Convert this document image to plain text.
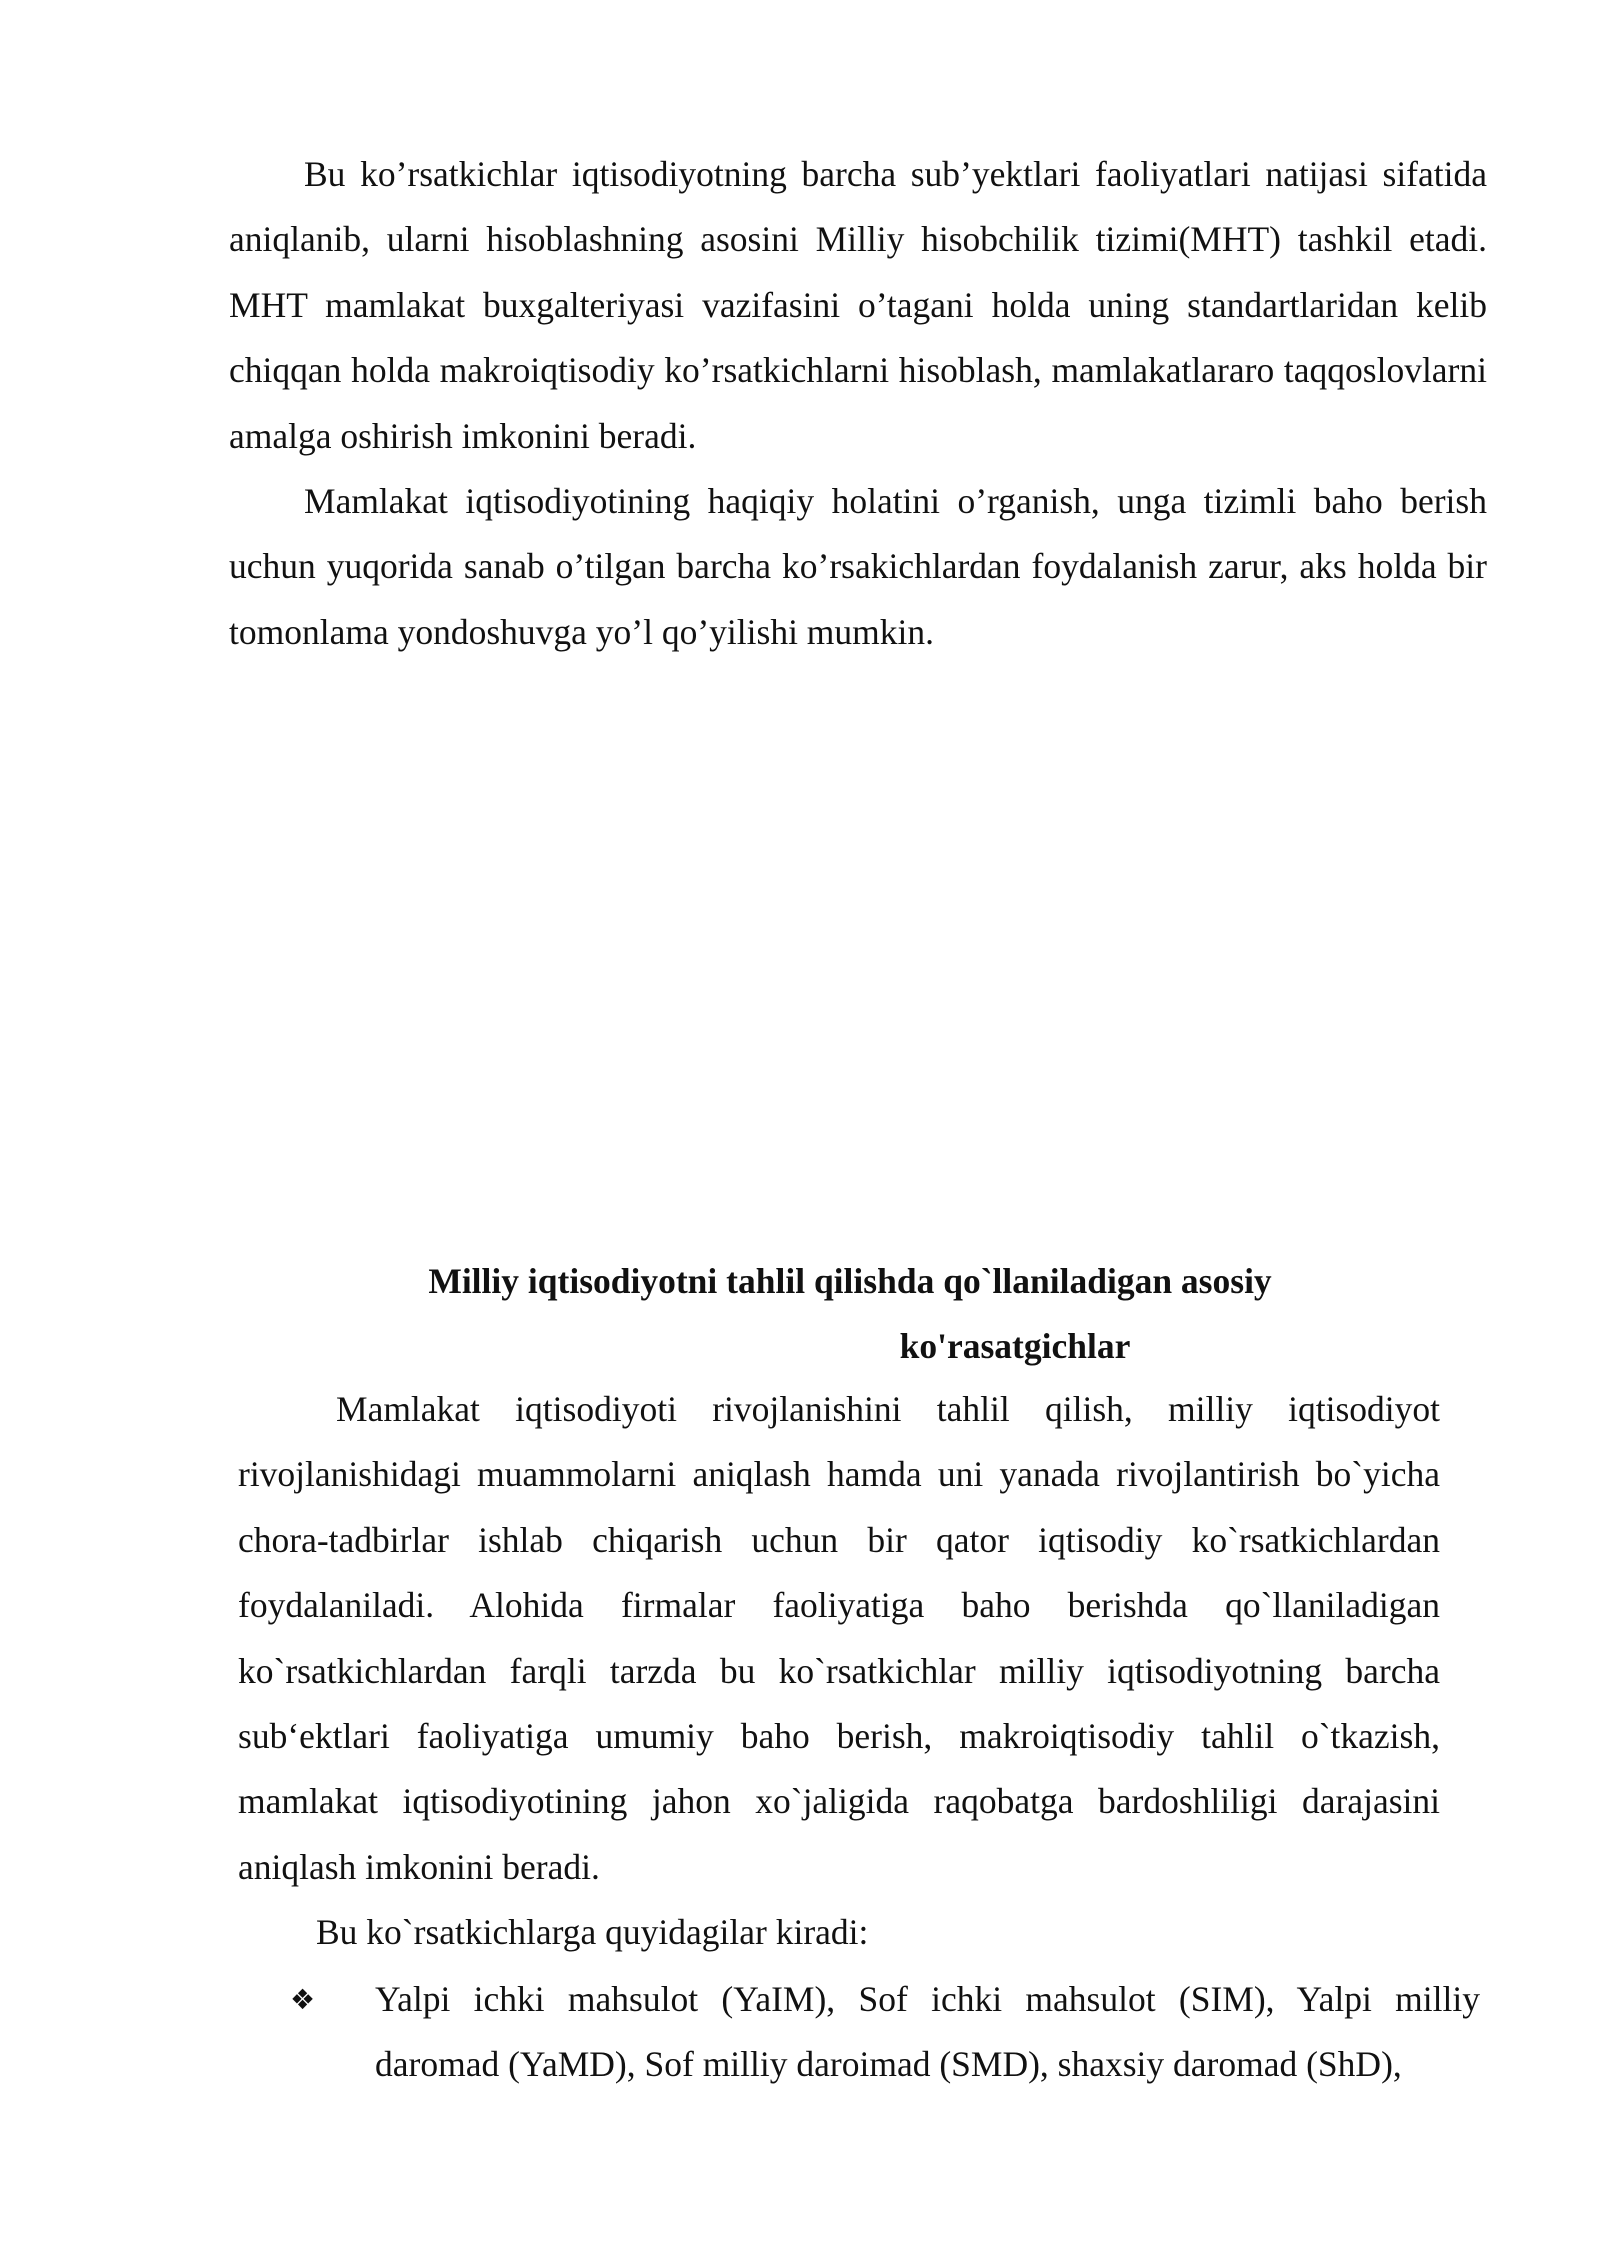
Bu ko’rsatkichlar iqtisodiyotning barcha sub’yektlari faoliyatlari natijasi sifatida aniqlanib, ularni hisoblashning asosini Milliy hisobchilik tizimi(MHT) tashkil etadi. MHT mamlakat buxgalteriyasi vazifasini o’tagani holda uning standartlaridan kelib chiqqan holda makroiqtisodiy ko’rsatkichlarni hisoblash, mamlakatlararo taqqoslovlarni amalga oshirish imkonini beradi.

Mamlakat iqtisodiyotining haqiqiy holatini o’rganish, unga tizimli baho berish uchun yuqorida sanab o’tilgan barcha ko’rsakichlardan foydalanish zarur, aks holda bir tomonlama yondoshuvga yo’l qo’yilishi mumkin.

Milliy iqtisodiyotni tahlil qilishda qo`llaniladigan asosiy
ko'rasatgichlar

Mamlakat iqtisodiyoti rivojlanishini tahlil qilish, milliy iqtisodiyot rivojlanishidagi muammolarni aniqlash hamda uni yanada rivojlantirish bo`yicha chora-tadbirlar ishlab chiqarish uchun bir qator iqtisodiy ko`rsatkichlardan foydalaniladi. Alohida firmalar faoliyatiga baho berishda qo`llaniladigan ko`rsatkichlardan farqli tarzda bu ko`rsatkichlar milliy iqtisodiyotning barcha sub‘ektlari faoliyatiga umumiy baho berish, makroiqtisodiy tahlil o`tkazish, mamlakat iqtisodiyotining jahon xo`jaligida raqobatga bardoshliligi darajasini aniqlash imkonini beradi.

Bu ko`rsatkichlarga quyidagilar kiradi:

❖	Yalpi ichki mahsulot (YaIM), Sof ichki mahsulot (SIM), Yalpi milliy daromad (YaMD), Sof milliy daroimad (SMD), shaxsiy daromad (ShD),
